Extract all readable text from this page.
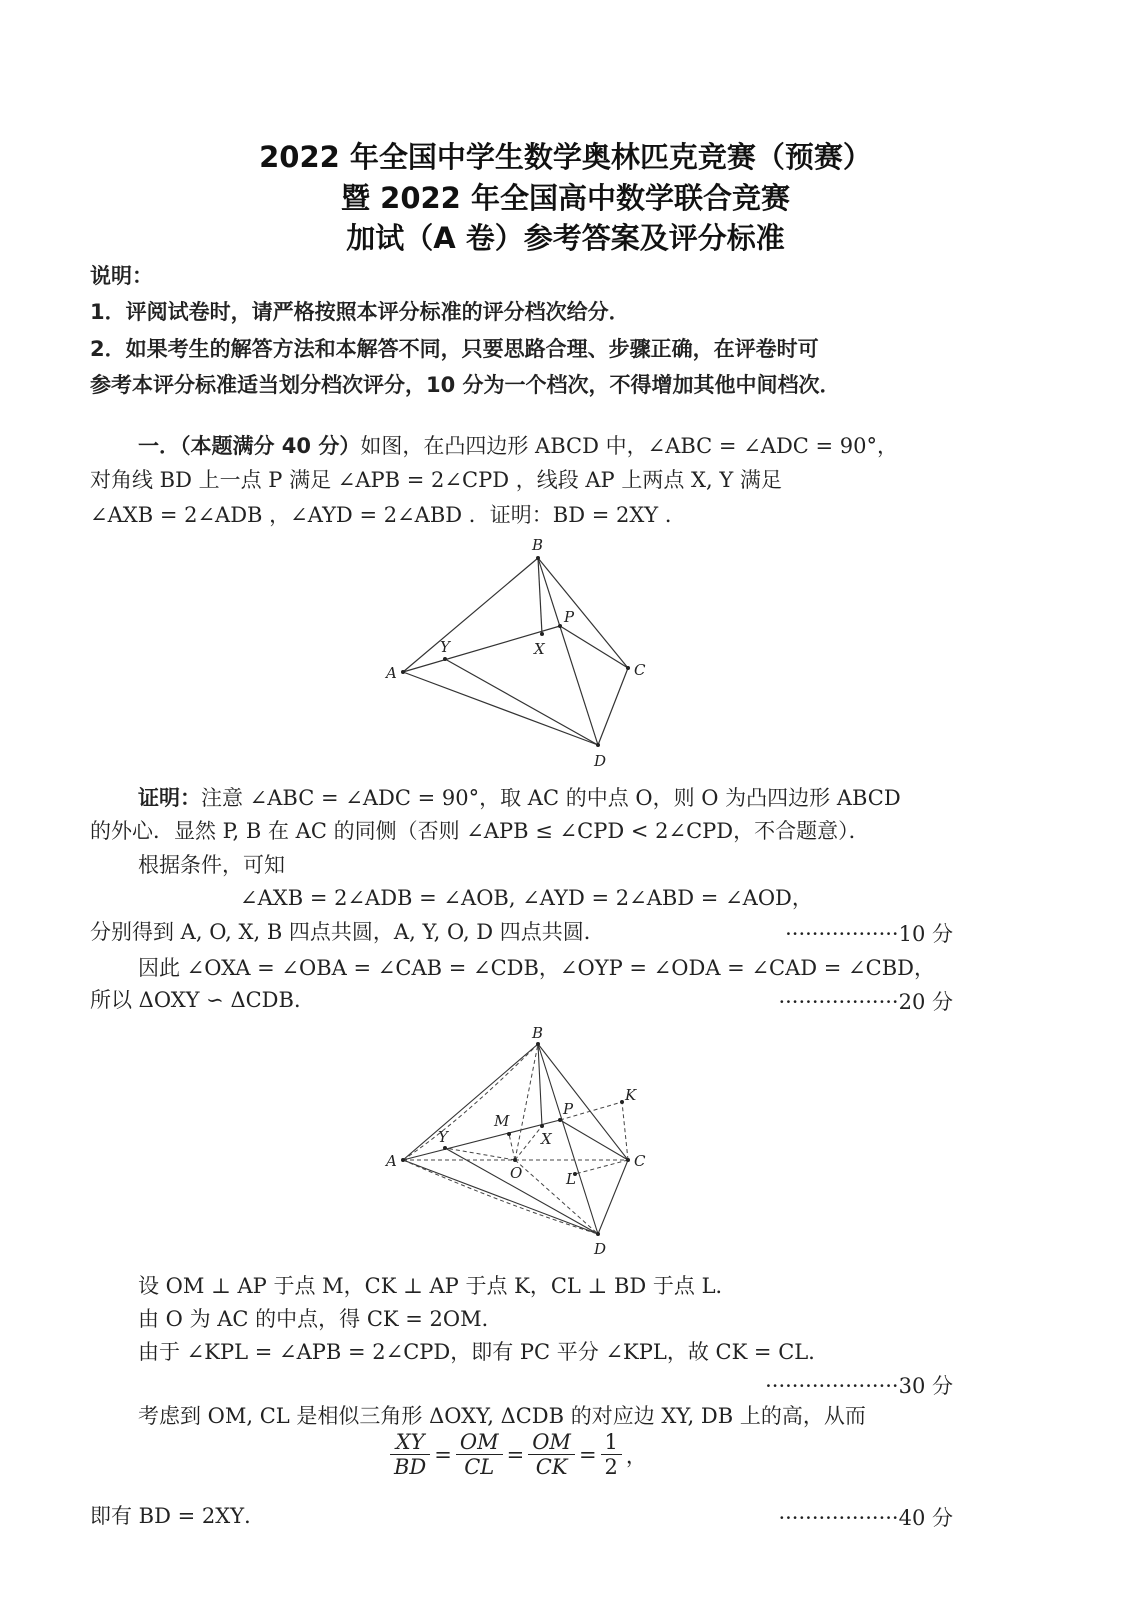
2022 年全国中学生数学奥林匹克竞赛（预赛）
暨 2022 年全国高中数学联合竞赛
加试（A 卷）参考答案及评分标准
说明：
1．评阅试卷时，请严格按照本评分标准的评分档次给分．
2．如果考生的解答方法和本解答不同，只要思路合理、步骤正确，在评卷时可
参考本评分标准适当划分档次评分，10 分为一个档次，不得增加其他中间档次．
一．（本题满分 40 分）如图，在凸四边形 ABCD 中，∠ABC = ∠ADC = 90°，
对角线 BD 上一点 P 满足 ∠APB = 2∠CPD ，线段 AP 上两点 X, Y 满足
∠AXB = 2∠ADB ，∠AYD = 2∠ABD ．证明：BD = 2XY ．
A
B
C
D
P
X
Y
证明：注意 ∠ABC = ∠ADC = 90°，取 AC 的中点 O，则 O 为凸四边形 ABCD
的外心．显然 P, B 在 AC 的同侧（否则 ∠APB ≤ ∠CPD < 2∠CPD，不合题意）．
根据条件，可知
∠AXB = 2∠ADB = ∠AOB, ∠AYD = 2∠ABD = ∠AOD，
分别得到 A, O, X, B 四点共圆，A, Y, O, D 四点共圆．	·················10 分
因此 ∠OXA = ∠OBA = ∠CAB = ∠CDB，∠OYP = ∠ODA = ∠CAD = ∠CBD，
所以 ΔOXY ∽ ΔCDB．	··················20 分
A
B
C
D
P
X
Y
M
K
O	L
设 OM ⊥ AP 于点 M，CK ⊥ AP 于点 K，CL ⊥ BD 于点 L．
由 O 为 AC 的中点，得 CK = 2OM．
由于 ∠KPL = ∠APB = 2∠CPD，即有 PC 平分 ∠KPL，故 CK = CL．
····················30 分
考虑到 OM, CL 是相似三角形 ΔOXY, ΔCDB 的对应边 XY, DB 上的高，从而
$\frac{XY}{BD} = \frac{OM}{CL} = \frac{OM}{CK} = \frac{1}{2}$ ，
即有 BD = 2XY．	··················40 分
